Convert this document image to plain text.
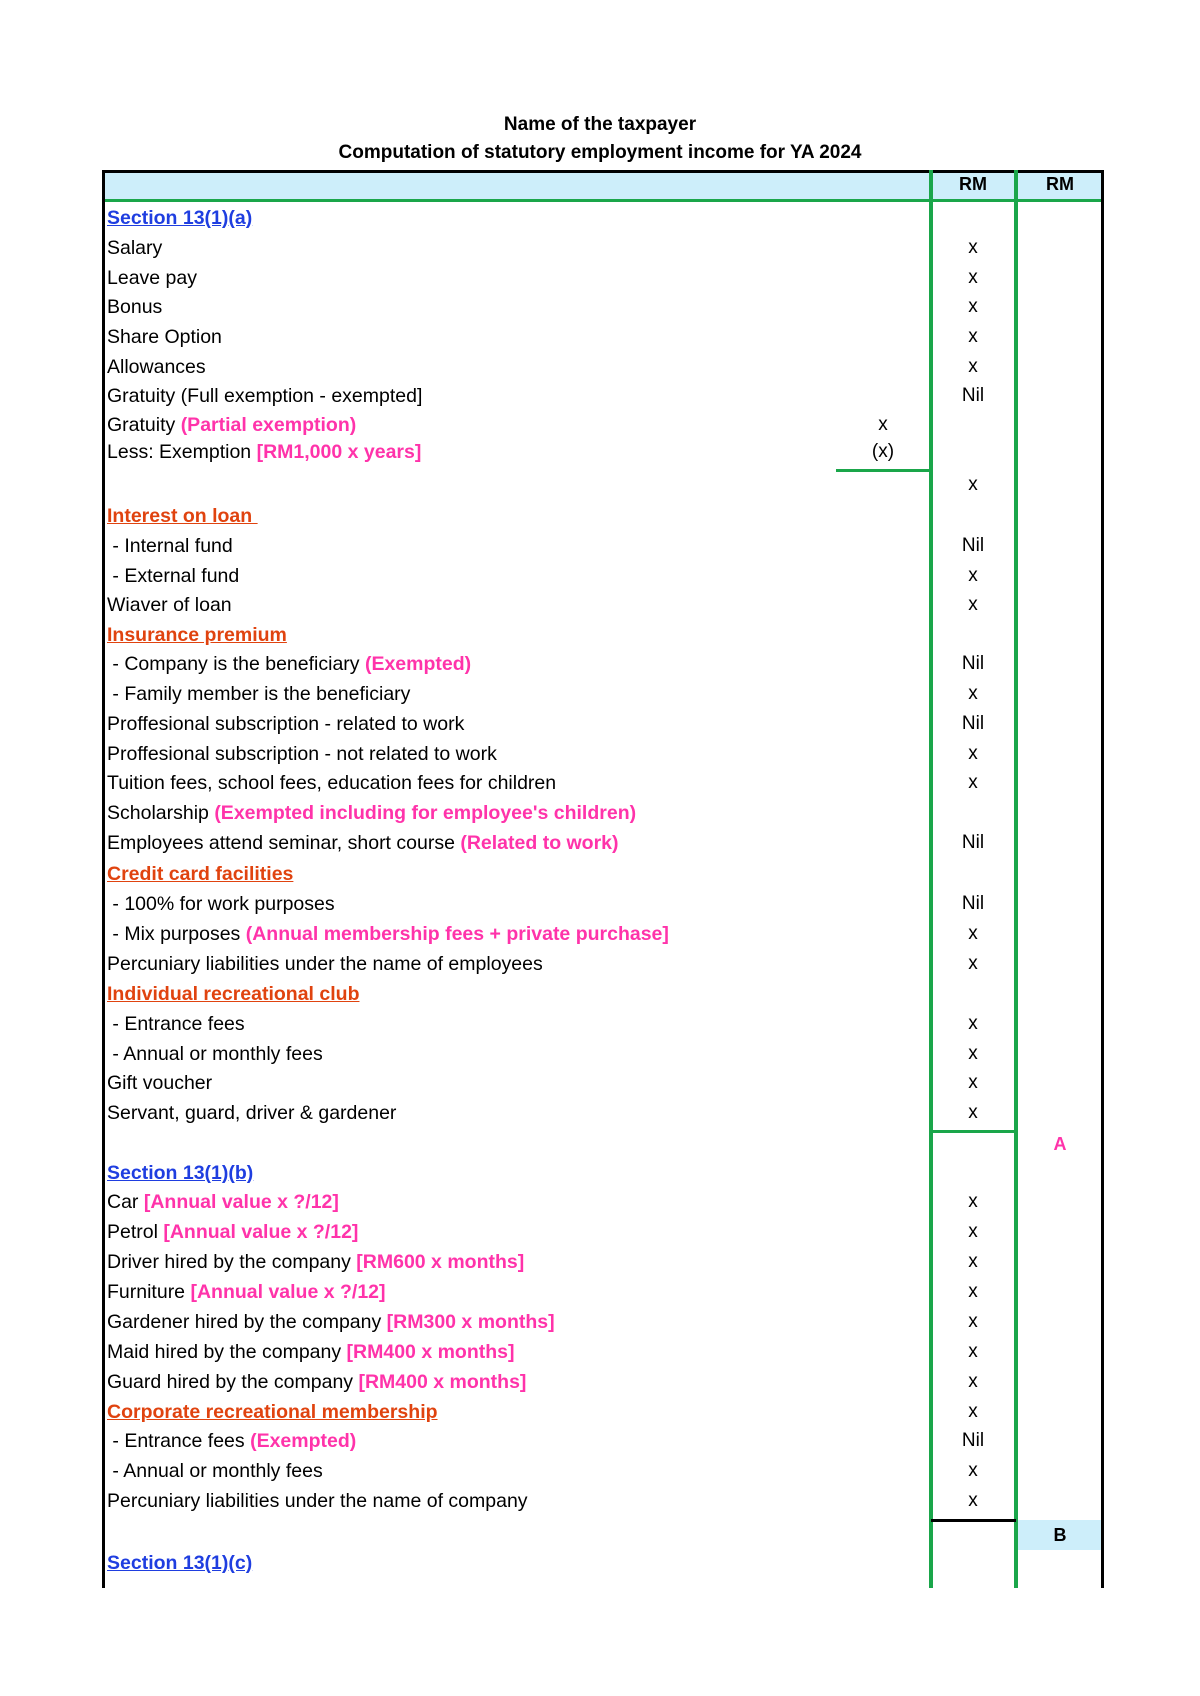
Name of the taxpayer
Computation of statutory employment income for YA 2024
RM	RM
Section 13(1)(a)
Salary	x
Leave pay	x
Bonus	x
Share Option	x
Allowances	x
Gratuity (Full exemption - exempted]	Nil
Gratuity (Partial exemption)	x
Less: Exemption [RM1,000 x years]	(x)
x
Interest on loan
- Internal fund	Nil
- External fund	x
Wiaver of loan	x
Insurance premium
- Company is the beneficiary (Exempted)	Nil
- Family member is the beneficiary	x
Proffesional subscription - related to work	Nil
Proffesional subscription - not related to work	x
Tuition fees, school fees, education fees for children	x
Scholarship (Exempted including for employee's children)
Employees attend seminar, short course (Related to work)	Nil
Credit card facilities
- 100% for work purposes	Nil
- Mix purposes (Annual membership fees + private purchase]	x
Percuniary liabilities under the name of employees	x
Individual recreational club
- Entrance fees	x
- Annual or monthly fees	x
Gift voucher	x
Servant, guard, driver & gardener	x
A
Section 13(1)(b)
Car [Annual value x ?/12]	x
Petrol [Annual value x ?/12]	x
Driver hired by the company [RM600 x months]	x
Furniture [Annual value x ?/12]	x
Gardener hired by the company [RM300 x months]	x
Maid hired by the company [RM400 x months]	x
Guard hired by the company [RM400 x months]	x
Corporate recreational membership	x
- Entrance fees (Exempted)	Nil
- Annual or monthly fees	x
Percuniary liabilities under the name of company	x
B
Section 13(1)(c)
